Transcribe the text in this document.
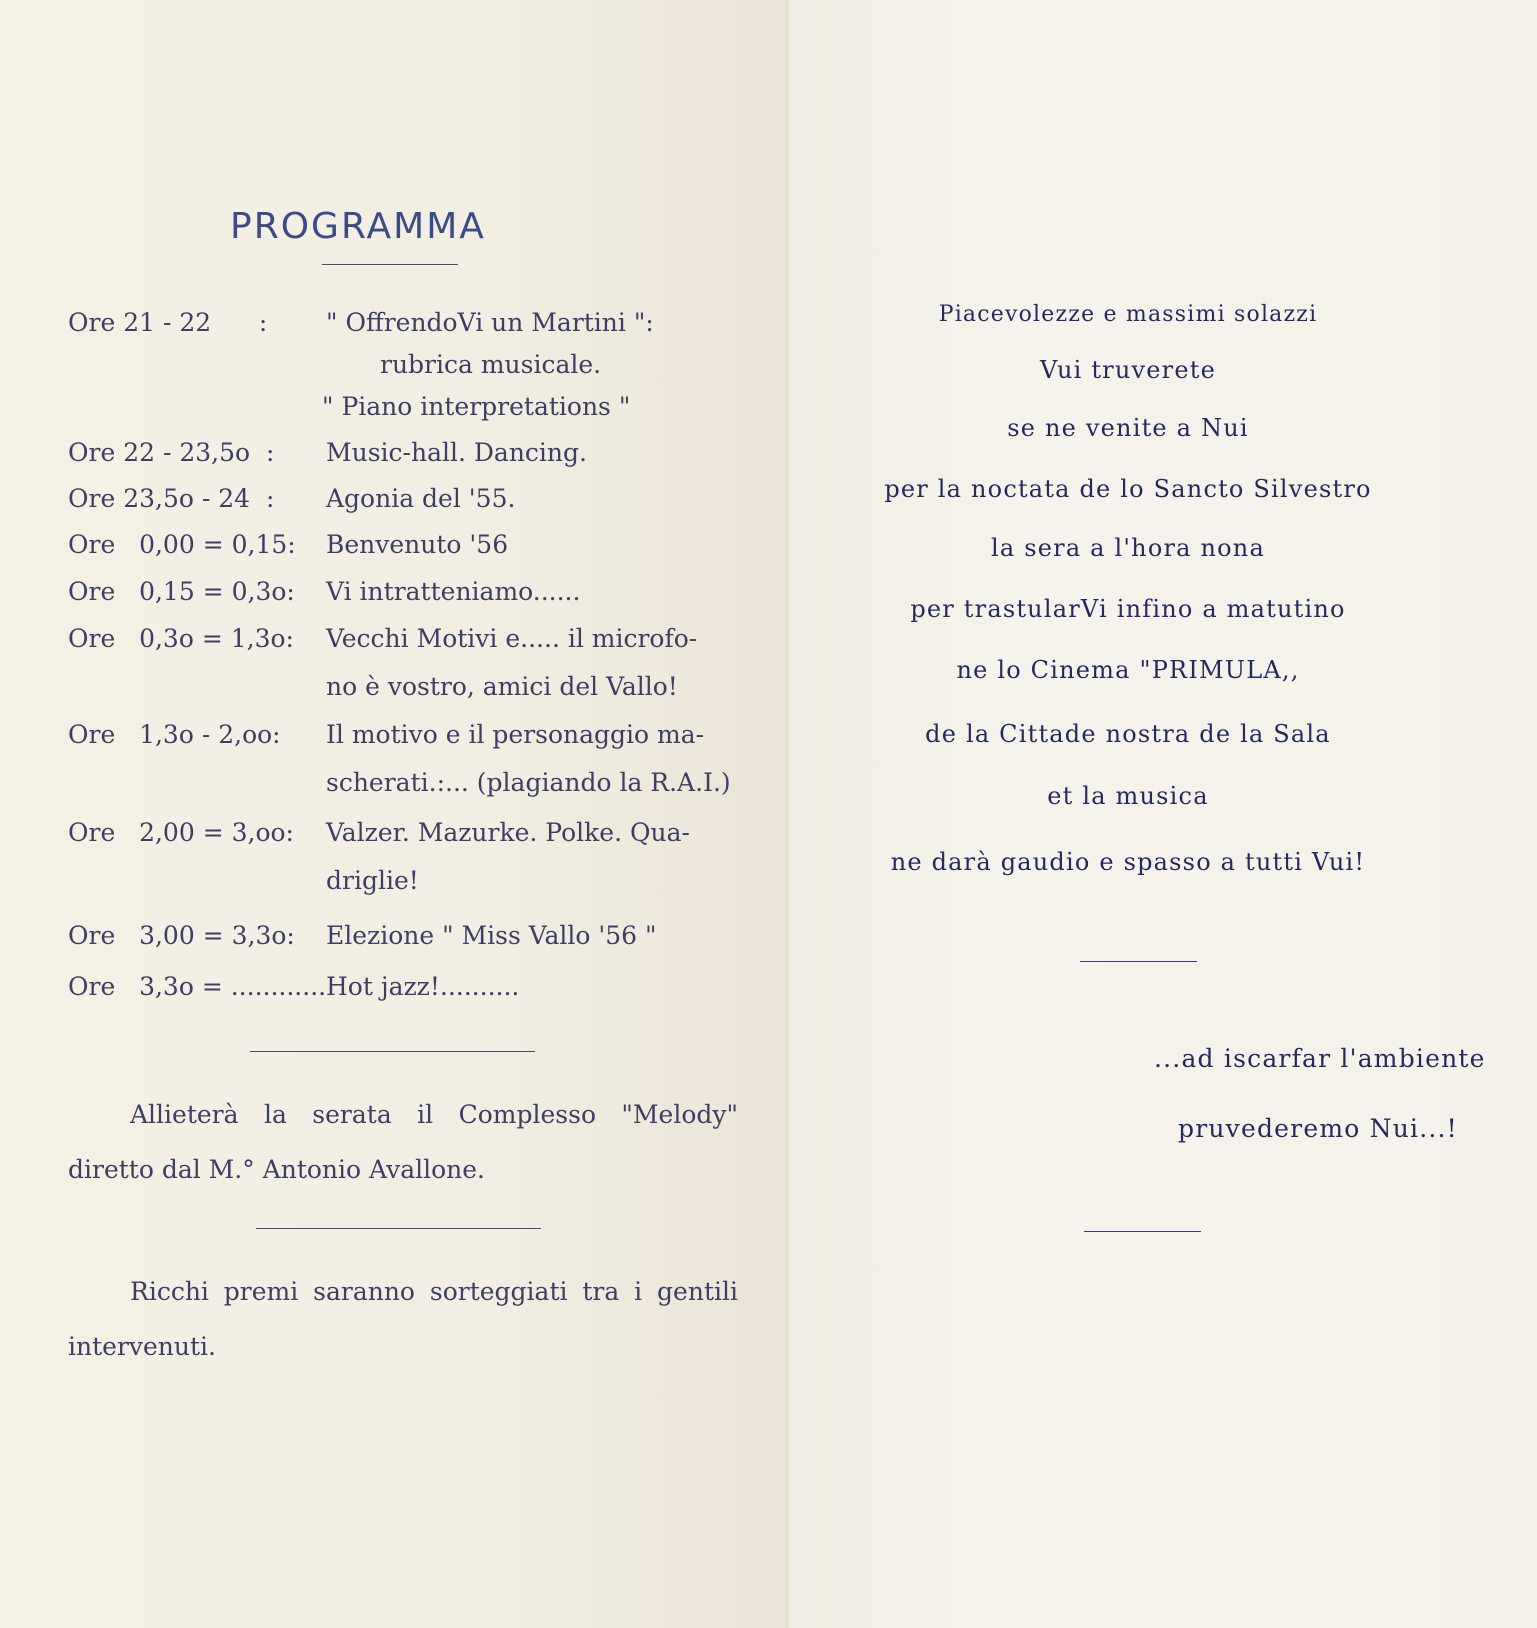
PROGRAMMA
Ore 21 - 22      : " OffrendoVi un Martini ":
rubrica musicale.
" Piano interpretations "
Ore 22 - 23,5o  : Music-hall. Dancing.
Ore 23,5o - 24  : Agonia del '55.
Ore   0,00 = 0,15: Benvenuto '56
Ore   0,15 = 0,3o: Vi intratteniamo......
Ore   0,3o = 1,3o: Vecchi Motivi e..... il microfo-
no è vostro, amici del Vallo!
Ore   1,3o - 2,oo: Il motivo e il personaggio ma-
scherati.:... (plagiando la R.A.I.)
Ore   2,00 = 3,oo: Valzer. Mazurke. Polke. Qua-
driglie!
Ore   3,00 = 3,3o: Elezione " Miss Vallo '56 "
Ore   3,3o = ............ Hot jazz!..........
Allieterà la serata il Complesso "Melody" diretto dal M.° Antonio Avallone.
Ricchi premi saranno sorteggiati tra i gentili intervenuti.
Piacevolezze e massimi solazzi
Vui truverete
se ne venite a Nui
per la noctata de lo Sancto Silvestro
la sera a l'hora nona
per trastularVi infino a matutino
ne lo Cinema "PRIMULA,,
de la Cittade nostra de la Sala
et la musica
ne darà gaudio e spasso a tutti Vui!
...ad iscarfar l'ambiente
pruvederemo Nui...!
